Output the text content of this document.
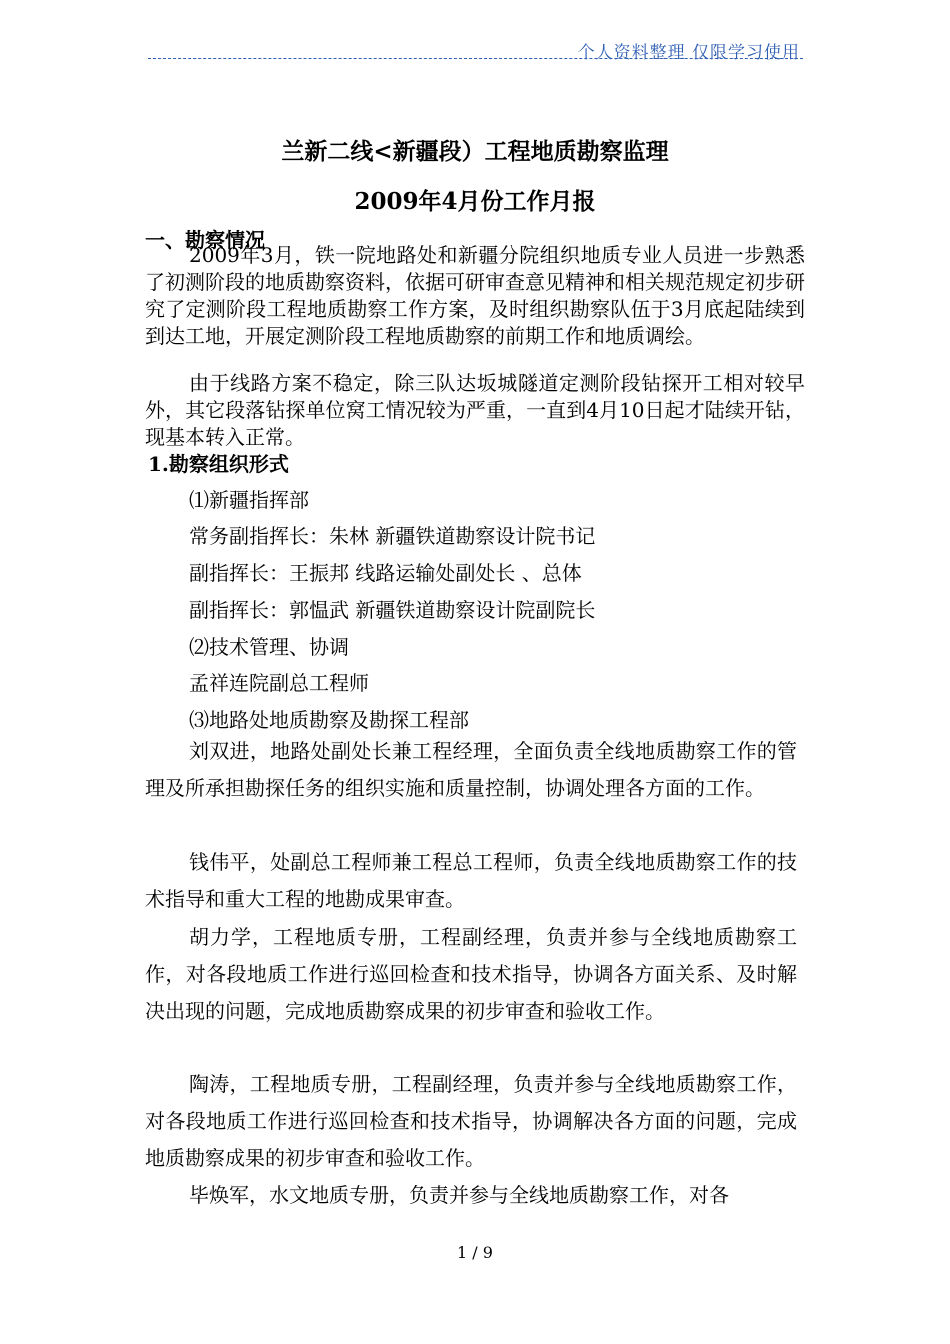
个人资料整理 仅限学习使用
兰新二线<新疆段）工程地质勘察监理
2009年4月份工作月报
一、勘察情况

2009年3月，铁一院地路处和新疆分院组织地质专业人员进一步熟悉了初测阶段的地质勘察资料，依据可研审查意见精神和相关规范规定初步研究了定测阶段工程地质勘察工作方案，及时组织勘察队伍于3月底起陆续到到达工地，开展定测阶段工程地质勘察的前期工作和地质调绘。

由于线路方案不稳定，除三队达坂城隧道定测阶段钻探开工相对较早外，其它段落钻探单位窝工情况较为严重，一直到4月10日起才陆续开钻，现基本转入正常。

1.勘察组织形式
⑴新疆指挥部
常务副指挥长：朱林 新疆铁道勘察设计院书记
副指挥长：王振邦 线路运输处副处长 、总体
副指挥长：郭愠武 新疆铁道勘察设计院副院长
⑵技术管理、协调
孟祥连院副总工程师
⑶地路处地质勘察及勘探工程部

刘双进，地路处副处长兼工程经理，全面负责全线地质勘察工作的管理及所承担勘探任务的组织实施和质量控制，协调处理各方面的工作。

钱伟平，处副总工程师兼工程总工程师，负责全线地质勘察工作的技术指导和重大工程的地勘成果审查。

胡力学，工程地质专册，工程副经理，负责并参与全线地质勘察工作，对各段地质工作进行巡回检查和技术指导，协调各方面关系、及时解决出现的问题，完成地质勘察成果的初步审查和验收工作。

陶涛，工程地质专册，工程副经理，负责并参与全线地质勘察工作，对各段地质工作进行巡回检查和技术指导，协调解决各方面的问题，完成地质勘察成果的初步审查和验收工作。

毕焕军，水文地质专册，负责并参与全线地质勘察工作，对各

1 / 9
